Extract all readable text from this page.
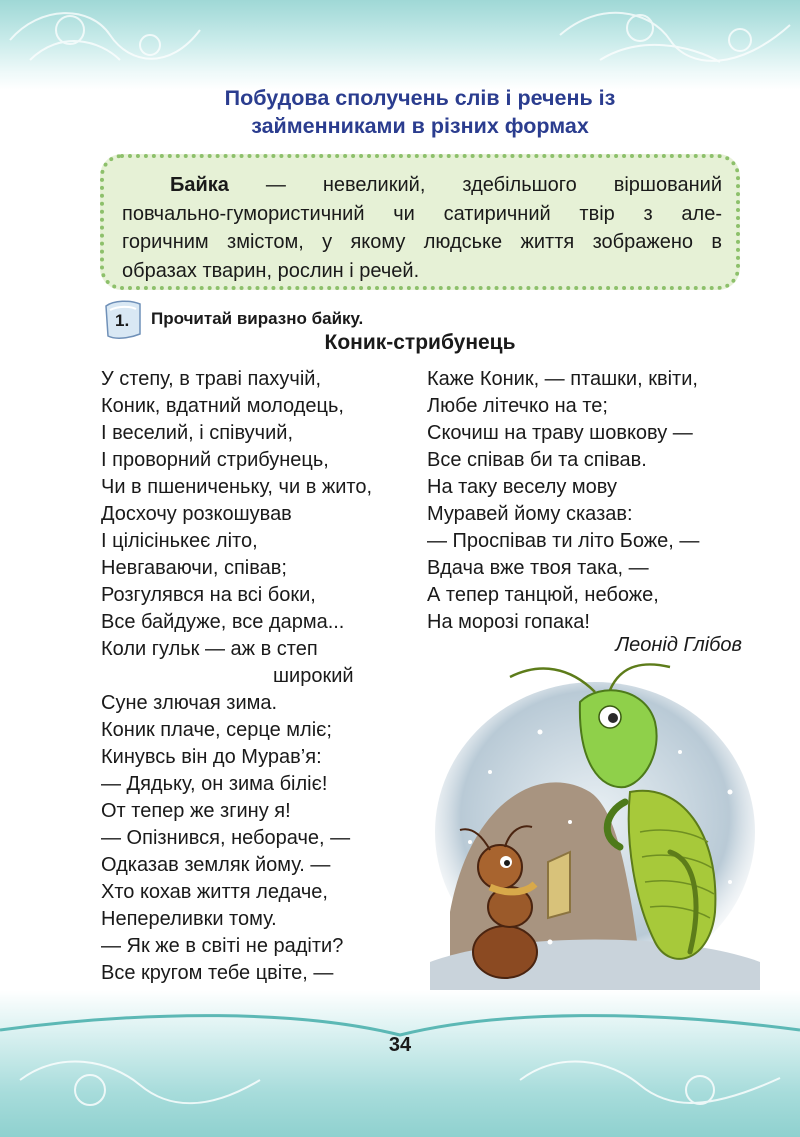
Побудова сполучень слів і речень із
займенниками в різних формах
Байка — невеликий, здебільшого віршований
повчально-гумористичний чи сатиричний твір з але-
горичним змістом, у якому людське життя зображено в
образах тварин, рослин і речей.
1. Прочитай виразно байку.
Коник-стрибунець
У степу, в траві пахучій,
Коник, вдатний молодець,
І веселий, і співучий,
І проворний стрибунець,
Чи в пшениченьку, чи в жито,
Досхочу розкошував
І цілісінькеє літо,
Невгаваючи, співав;
Розгулявся на всі боки,
Все байдуже, все дарма...
Коли гульк — аж в степ
широкий
Суне злючая зима.
Коник плаче, серце мліє;
Кинувсь він до Мурав’я:
— Дядьку, он зима біліє!
От тепер же згину я!
— Опізнився, небораче, —
Одказав земляк йому. —
Хто кохав життя ледаче,
Непереливки тому.
— Як же в світі не радіти?
Все кругом тебе цвіте, —
Каже Коник, — пташки, квіти,
Любе літечко на те;
Скочиш на траву шовкову —
Все співав би та співав.
На таку веселу мову
Муравей йому сказав:
— Проспівав ти літо Боже, —
Вдача вже твоя така, —
А тепер танцюй, небоже,
На морозі гопака!
Леонід Глібов
34
